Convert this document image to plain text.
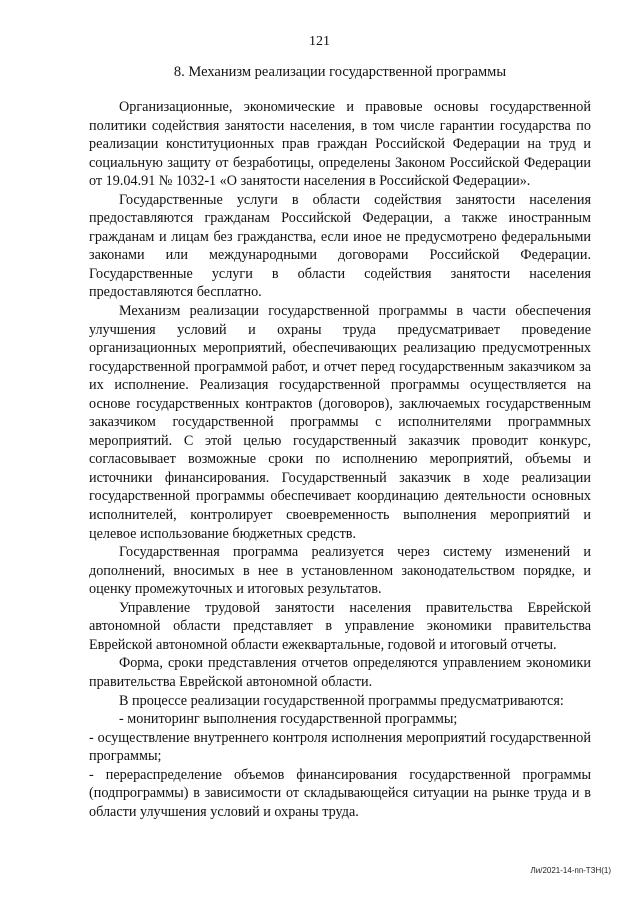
121
8. Механизм реализации государственной программы

Организационные, экономические и правовые основы государственной политики содействия занятости населения, в том числе гарантии государства по реализации конституционных прав граждан Российской Федерации на труд и социальную защиту от безработицы, определены Законом Российской Федерации от 19.04.91 № 1032-1 «О занятости населения в Российской Федерации».

Государственные услуги в области содействия занятости населения предоставляются гражданам Российской Федерации, а также иностранным гражданам и лицам без гражданства, если иное не предусмотрено федеральными законами или международными договорами Российской Федерации. Государственные услуги в области содействия занятости населения предоставляются бесплатно.

Механизм реализации государственной программы в части обеспечения улучшения условий и охраны труда предусматривает проведение организационных мероприятий, обеспечивающих реализацию предусмотренных государственной программой работ, и отчет перед государственным заказчиком за их исполнение. Реализация государственной программы осуществляется на основе государственных контрактов (договоров), заключаемых государственным заказчиком государственной программы с исполнителями программных мероприятий. С этой целью государственный заказчик проводит конкурс, согласовывает возможные сроки по исполнению мероприятий, объемы и источники финансирования. Государственный заказчик в ходе реализации государственной программы обеспечивает координацию деятельности основных исполнителей, контролирует своевременность выполнения мероприятий и целевое использование бюджетных средств.

Государственная программа реализуется через систему изменений и дополнений, вносимых в нее в установленном законодательством порядке, и оценку промежуточных и итоговых результатов.

Управление трудовой занятости населения правительства Еврейской автономной области представляет в управление экономики правительства Еврейской автономной области ежеквартальные, годовой и итоговый отчеты.

Форма, сроки представления отчетов определяются управлением экономики правительства Еврейской автономной области.

В процессе реализации государственной программы предусматриваются:

- мониторинг выполнения государственной программы;

- осуществление внутреннего контроля исполнения мероприятий государственной программы;

- перераспределение объемов финансирования государственной программы (подпрограммы) в зависимости от складывающейся ситуации на рынке труда и в области улучшения условий и охраны труда.

Ли/2021-14-пп-ТЗН(1)
